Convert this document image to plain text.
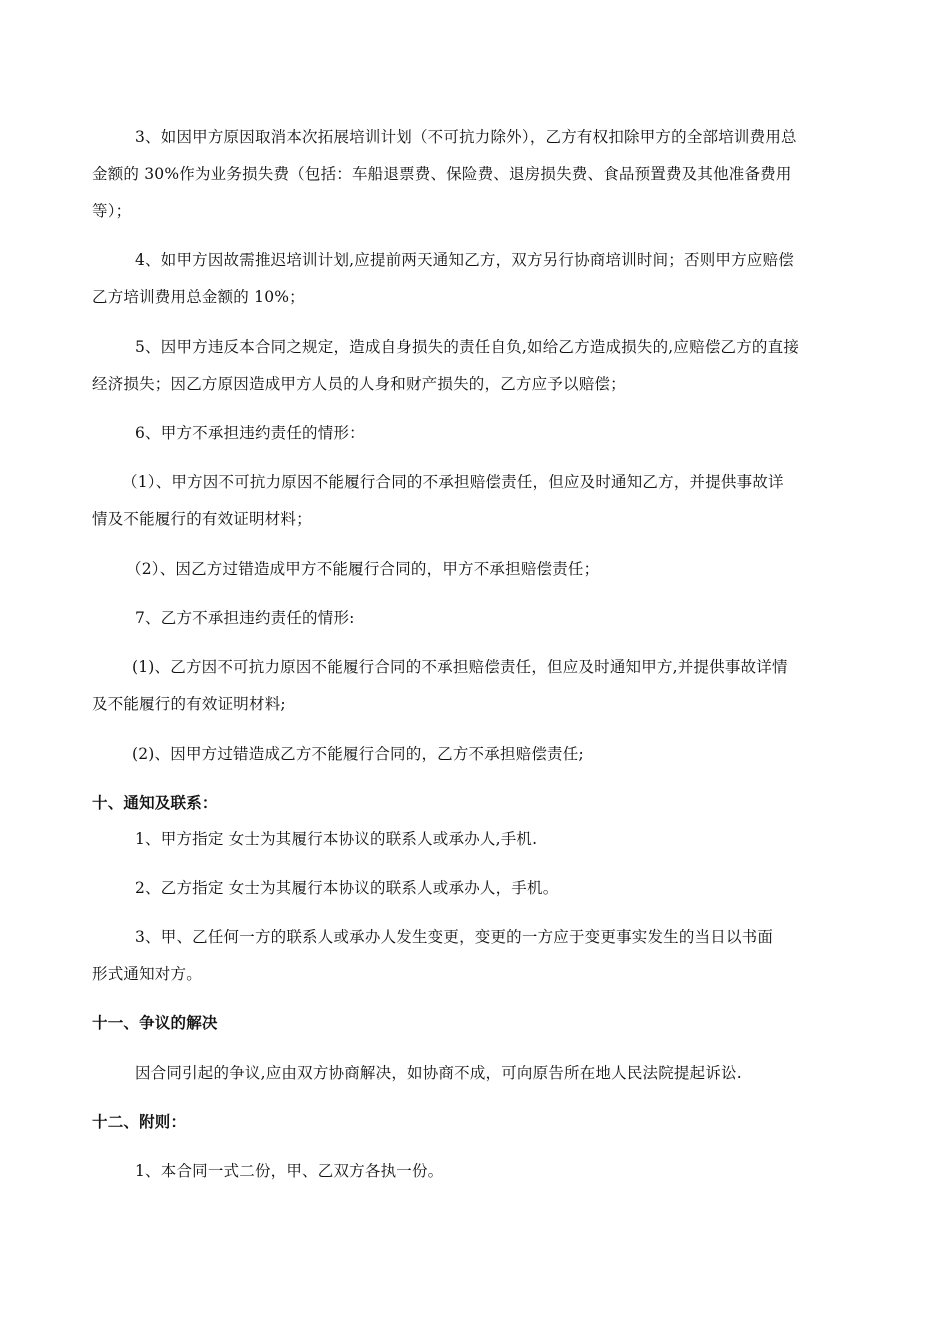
3、如因甲方原因取消本次拓展培训计划（不可抗力除外），乙方有权扣除甲方的全部培训费用总

金额的 30%作为业务损失费（包括：车船退票费、保险费、退房损失费、食品预置费及其他准备费用

等）；

4、如甲方因故需推迟培训计划,应提前两天通知乙方，双方另行协商培训时间；否则甲方应赔偿

乙方培训费用总金额的 10%；

5、因甲方违反本合同之规定，造成自身损失的责任自负,如给乙方造成损失的,应赔偿乙方的直接

经济损失；因乙方原因造成甲方人员的人身和财产损失的，乙方应予以赔偿；

6、甲方不承担违约责任的情形：

（1）、甲方因不可抗力原因不能履行合同的不承担赔偿责任，但应及时通知乙方，并提供事故详

情及不能履行的有效证明材料；

（2）、因乙方过错造成甲方不能履行合同的，甲方不承担赔偿责任；

7、乙方不承担违约责任的情形:

(1)、乙方因不可抗力原因不能履行合同的不承担赔偿责任，但应及时通知甲方,并提供事故详情

及不能履行的有效证明材料;

(2)、因甲方过错造成乙方不能履行合同的，乙方不承担赔偿责任;

十、通知及联系：

1、甲方指定 女士为其履行本协议的联系人或承办人,手机.

2、乙方指定 女士为其履行本协议的联系人或承办人，手机。

3、甲、乙任何一方的联系人或承办人发生变更，变更的一方应于变更事实发生的当日以书面

形式通知对方。

十一、争议的解决

因合同引起的争议,应由双方协商解决，如协商不成，可向原告所在地人民法院提起诉讼.

十二、附则：

1、本合同一式二份，甲、乙双方各执一份。
